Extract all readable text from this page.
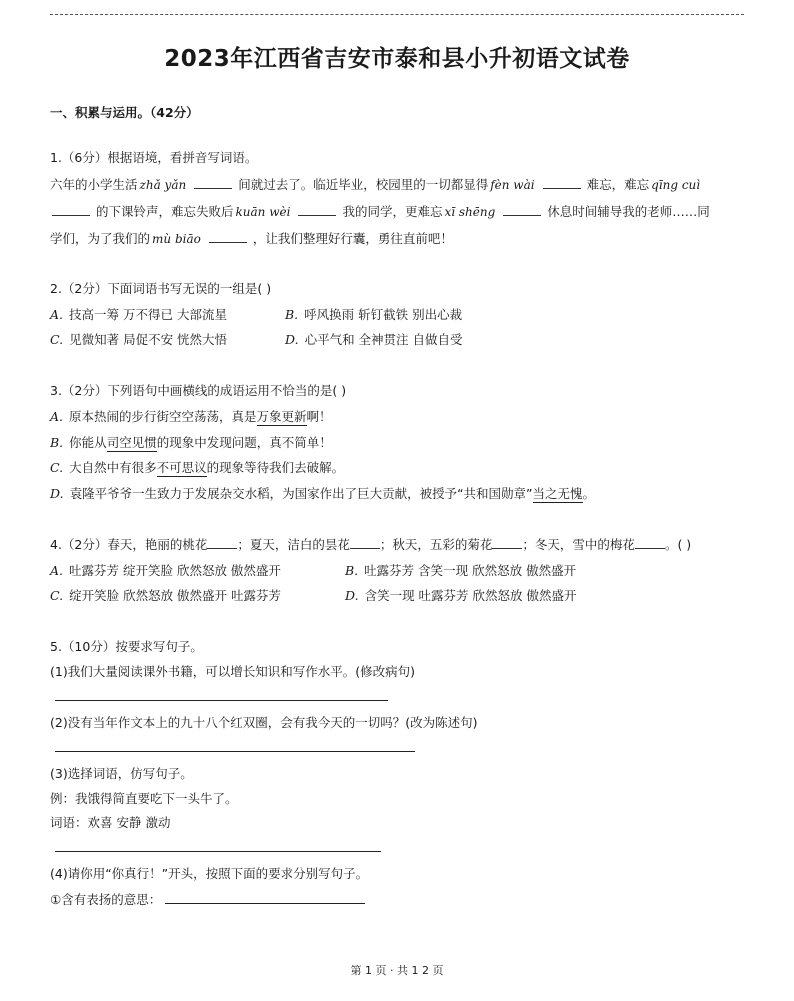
2023年江西省吉安市泰和县小升初语文试卷
一、积累与运用。（42分）
1.（6分）根据语境，看拼音写词语。
六年的小学生活 zhǎ yǎn	间就过去了。临近毕业，校园里的一切都显得 fèn wài	难忘，难忘 qīng cuì
的下课铃声，难忘失败后 kuān wèi	我的同学，更难忘 xī shēng	休息时间辅导我的老师……同
学们，为了我们的 mù biāo	，让我们整理好行囊，勇往直前吧！
2.（2分）下面词语书写无误的一组是( )
A. 技高一筹 万不得已 大部流星	B. 呼风换雨 斩钉截铁 别出心裁
C. 见微知著 局促不安 恍然大悟	D. 心平气和 全神贯注 自做自受
3.（2分）下列语句中画横线的成语运用不恰当的是( )
A. 原本热闹的步行街空空荡荡，真是万象更新啊！
B. 你能从司空见惯的现象中发现问题，真不简单！
C. 大自然中有很多不可思议的现象等待我们去破解。
D. 袁隆平爷爷一生致力于发展杂交水稻，为国家作出了巨大贡献，被授予“共和国勋章”当之无愧。
4.（2分）春天，艳丽的桃花 ；夏天，洁白的昙花 ；秋天，五彩的菊花 ；冬天，雪中的梅花 。( )
A. 吐露芬芳 绽开笑脸 欣然怒放 傲然盛开	B. 吐露芬芳 含笑一现 欣然怒放 傲然盛开
C. 绽开笑脸 欣然怒放 傲然盛开 吐露芬芳	D. 含笑一现 吐露芬芳 欣然怒放 傲然盛开
5.（10分）按要求写句子。
(1)我们大量阅读课外书籍，可以增长知识和写作水平。(修改病句)
(2)没有当年作文本上的九十八个红双圈，会有我今天的一切吗？(改为陈述句)
(3)选择词语，仿写句子。
例：我饿得简直要吃下一头牛了。
词语：欢喜 安静 激动
(4)请你用“你真行！”开头，按照下面的要求分别写句子。
①含有表扬的意思：
第 1 页 · 共 1 2 页
